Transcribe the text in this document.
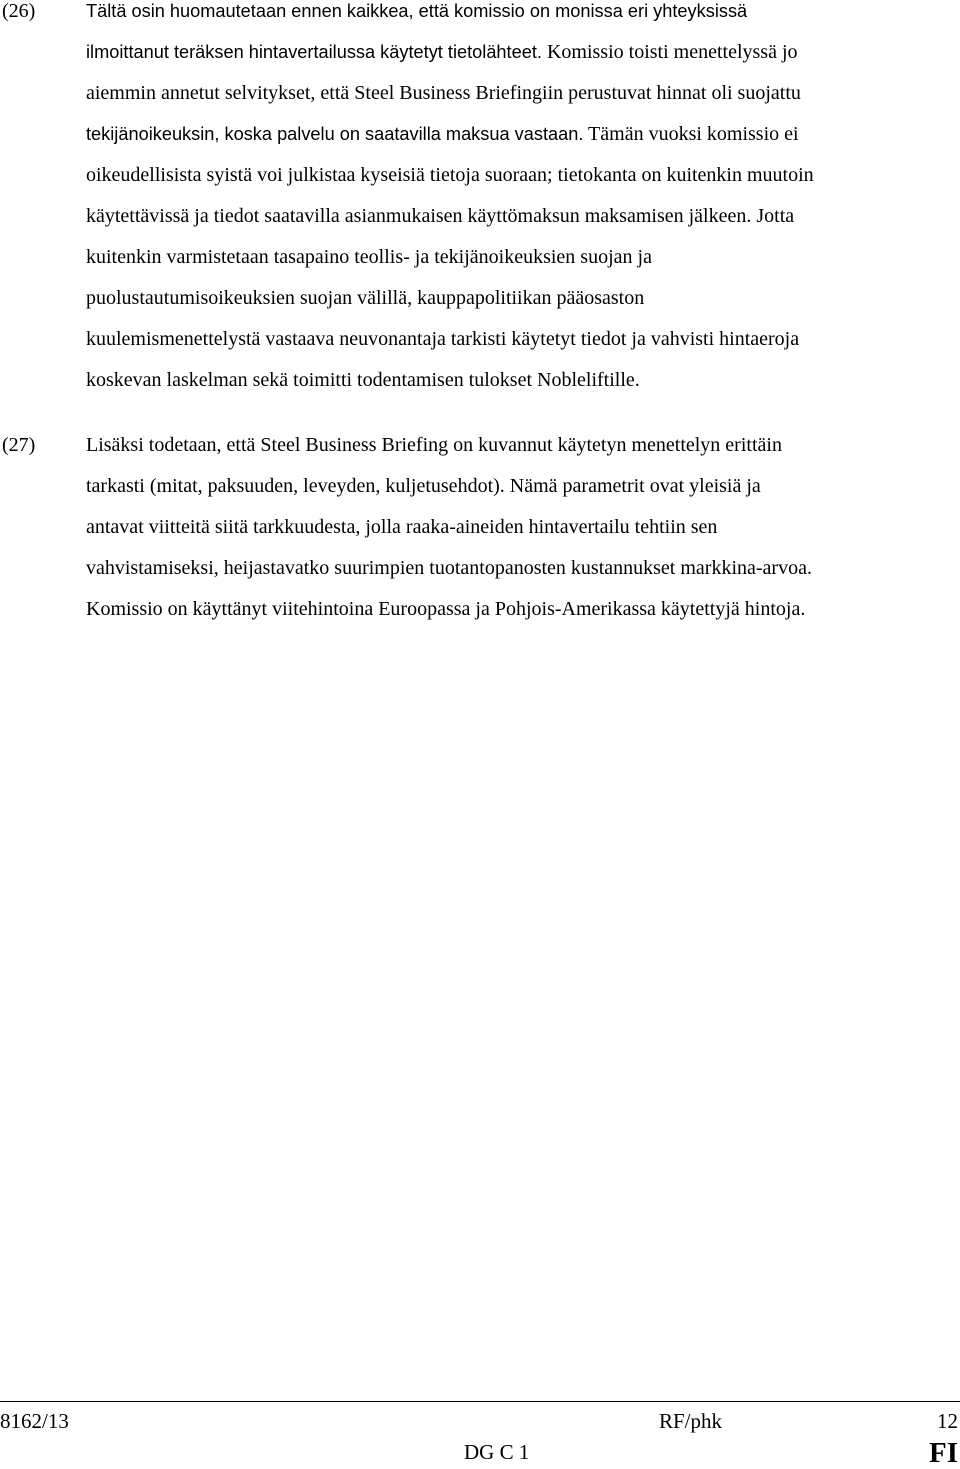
(26)	Tältä osin huomautetaan ennen kaikkea, että komissio on monissa eri yhteyksissä
ilmoittanut teräksen hintavertailussa käytetyt tietolähteet. Komissio toisti menettelyssä jo
aiemmin annetut selvitykset, että Steel Business Briefingiin perustuvat hinnat oli suojattu
tekijänoikeuksin, koska palvelu on saatavilla maksua vastaan. Tämän vuoksi komissio ei
oikeudellisista syistä voi julkistaa kyseisiä tietoja suoraan; tietokanta on kuitenkin muutoin
käytettävissä ja tiedot saatavilla asianmukaisen käyttömaksun maksamisen jälkeen. Jotta
kuitenkin varmistetaan tasapaino teollis- ja tekijänoikeuksien suojan ja
puolustautumisoikeuksien suojan välillä, kauppapolitiikan pääosaston
kuulemismenettelystä vastaava neuvonantaja tarkisti käytetyt tiedot ja vahvisti hintaeroja
koskevan laskelman sekä toimitti todentamisen tulokset Nobleliftille.
(27)	Lisäksi todetaan, että Steel Business Briefing on kuvannut käytetyn menettelyn erittäin
tarkasti (mitat, paksuuden, leveyden, kuljetusehdot). Nämä parametrit ovat yleisiä ja
antavat viitteitä siitä tarkkuudesta, jolla raaka-aineiden hintavertailu tehtiin sen
vahvistamiseksi, heijastavatko suurimpien tuotantopanosten kustannukset markkina-arvoa.
Komissio on käyttänyt viitehintoina Euroopassa ja Pohjois-Amerikassa käytettyjä hintoja.
8162/13	RF/phk	12
DG C 1	FI
